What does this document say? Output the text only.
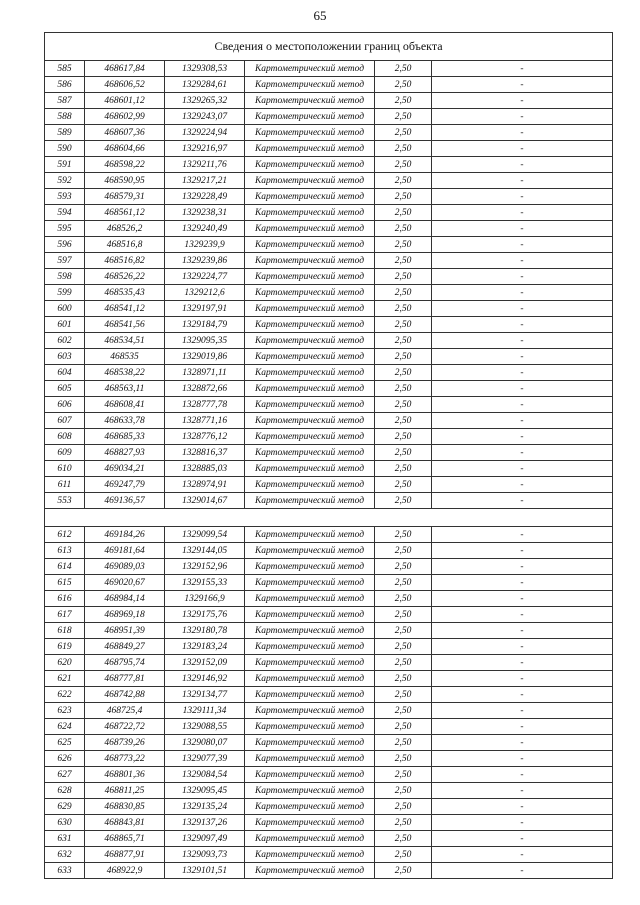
65
Сведения о местоположении границ объекта					
585	468617,84	1329308,53	Картометрический метод	2,50	-
586	468606,52	1329284,61	Картометрический метод	2,50	-
587	468601,12	1329265,32	Картометрический метод	2,50	-
588	468602,99	1329243,07	Картометрический метод	2,50	-
589	468607,36	1329224,94	Картометрический метод	2,50	-
590	468604,66	1329216,97	Картометрический метод	2,50	-
591	468598,22	1329211,76	Картометрический метод	2,50	-
592	468590,95	1329217,21	Картометрический метод	2,50	-
593	468579,31	1329228,49	Картометрический метод	2,50	-
594	468561,12	1329238,31	Картометрический метод	2,50	-
595	468526,2	1329240,49	Картометрический метод	2,50	-
596	468516,8	1329239,9	Картометрический метод	2,50	-
597	468516,82	1329239,86	Картометрический метод	2,50	-
598	468526,22	1329224,77	Картометрический метод	2,50	-
599	468535,43	1329212,6	Картометрический метод	2,50	-
600	468541,12	1329197,91	Картометрический метод	2,50	-
601	468541,56	1329184,79	Картометрический метод	2,50	-
602	468534,51	1329095,35	Картометрический метод	2,50	-
603	468535	1329019,86	Картометрический метод	2,50	-
604	468538,22	1328971,11	Картометрический метод	2,50	-
605	468563,11	1328872,66	Картометрический метод	2,50	-
606	468608,41	1328777,78	Картометрический метод	2,50	-
607	468633,78	1328771,16	Картометрический метод	2,50	-
608	468685,33	1328776,12	Картометрический метод	2,50	-
609	468827,93	1328816,37	Картометрический метод	2,50	-
610	469034,21	1328885,03	Картометрический метод	2,50	-
611	469247,79	1328974,91	Картометрический метод	2,50	-
553	469136,57	1329014,67	Картометрический метод	2,50	-

612	469184,26	1329099,54	Картометрический метод	2,50	-
613	469181,64	1329144,05	Картометрический метод	2,50	-
614	469089,03	1329152,96	Картометрический метод	2,50	-
615	469020,67	1329155,33	Картометрический метод	2,50	-
616	468984,14	1329166,9	Картометрический метод	2,50	-
617	468969,18	1329175,76	Картометрический метод	2,50	-
618	468951,39	1329180,78	Картометрический метод	2,50	-
619	468849,27	1329183,24	Картометрический метод	2,50	-
620	468795,74	1329152,09	Картометрический метод	2,50	-
621	468777,81	1329146,92	Картометрический метод	2,50	-
622	468742,88	1329134,77	Картометрический метод	2,50	-
623	468725,4	1329111,34	Картометрический метод	2,50	-
624	468722,72	1329088,55	Картометрический метод	2,50	-
625	468739,26	1329080,07	Картометрический метод	2,50	-
626	468773,22	1329077,39	Картометрический метод	2,50	-
627	468801,36	1329084,54	Картометрический метод	2,50	-
628	468811,25	1329095,45	Картометрический метод	2,50	-
629	468830,85	1329135,24	Картометрический метод	2,50	-
630	468843,81	1329137,26	Картометрический метод	2,50	-
631	468865,71	1329097,49	Картометрический метод	2,50	-
632	468877,91	1329093,73	Картометрический метод	2,50	-
633	468922,9	1329101,51	Картометрический метод	2,50	-
